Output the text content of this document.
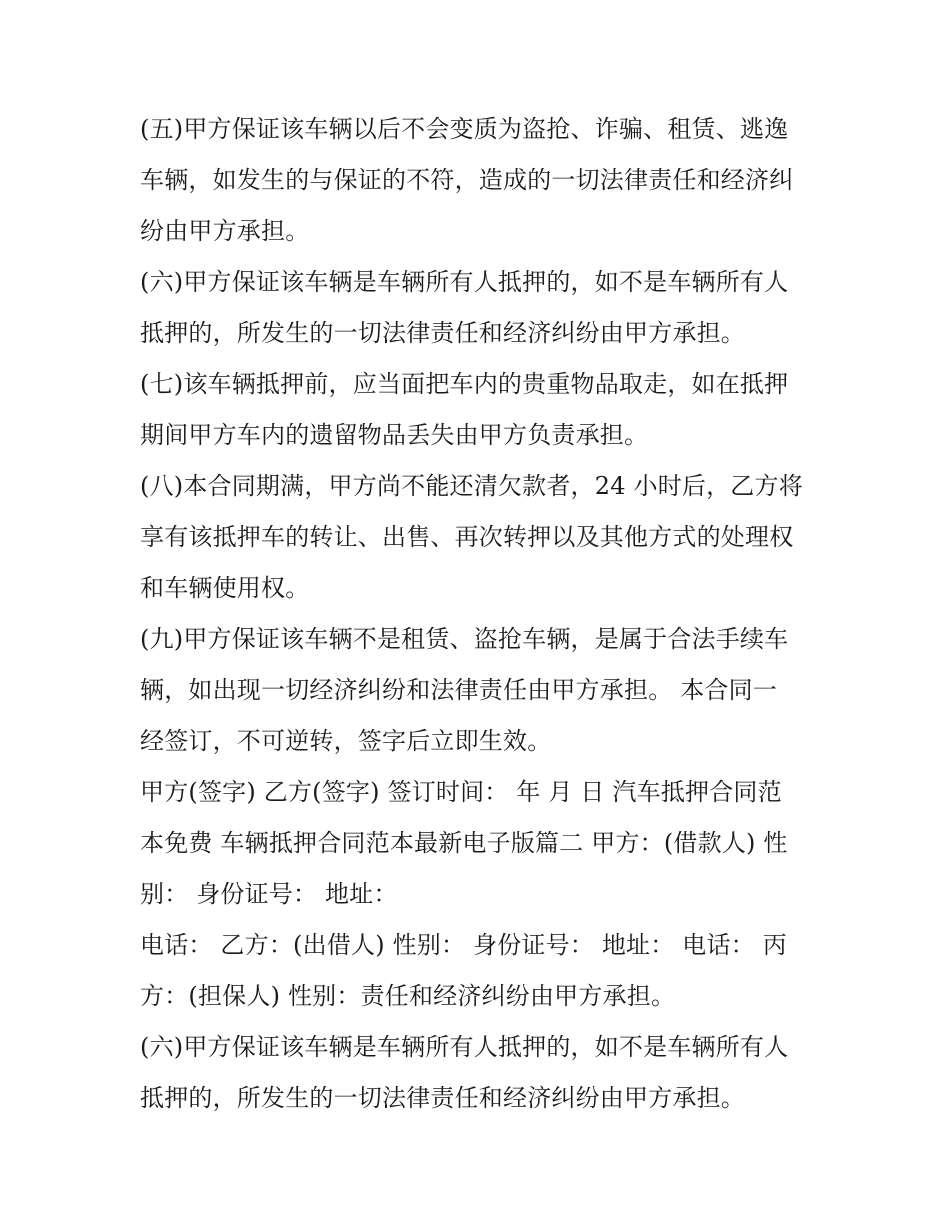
(五)甲方保证该车辆以后不会变质为盗抢、诈骗、租赁、逃逸
车辆，如发生的与保证的不符，造成的一切法律责任和经济纠
纷由甲方承担。
(六)甲方保证该车辆是车辆所有人抵押的，如不是车辆所有人
抵押的，所发生的一切法律责任和经济纠纷由甲方承担。
(七)该车辆抵押前，应当面把车内的贵重物品取走，如在抵押
期间甲方车内的遗留物品丢失由甲方负责承担。
(八)本合同期满，甲方尚不能还清欠款者，24 小时后，乙方将
享有该抵押车的转让、出售、再次转押以及其他方式的处理权
和车辆使用权。
(九)甲方保证该车辆不是租赁、盗抢车辆，是属于合法手续车
辆，如出现一切经济纠纷和法律责任由甲方承担。 本合同一
经签订，不可逆转，签字后立即生效。
甲方(签字) 乙方(签字) 签订时间： 年 月 日 汽车抵押合同范
本免费 车辆抵押合同范本最新电子版篇二 甲方：(借款人) 性
别： 身份证号： 地址：
电话： 乙方：(出借人) 性别： 身份证号： 地址： 电话： 丙
方：(担保人) 性别：责任和经济纠纷由甲方承担。
(六)甲方保证该车辆是车辆所有人抵押的，如不是车辆所有人
抵押的，所发生的一切法律责任和经济纠纷由甲方承担。
